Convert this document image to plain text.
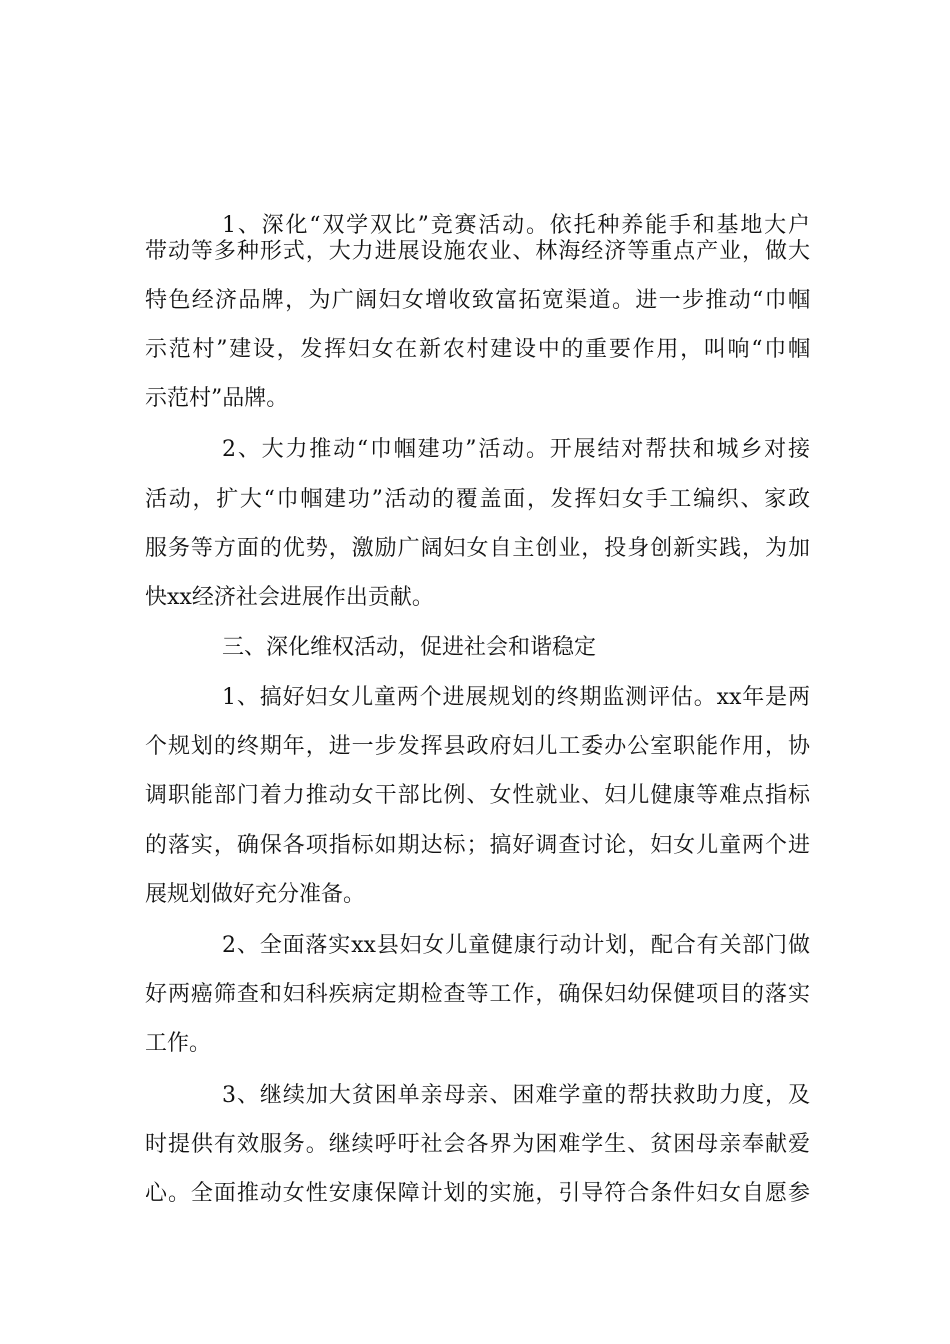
1、深化“双学双比”竞赛活动。依托种养能手和基地大户
带动等多种形式，大力进展设施农业、林海经济等重点产业，做大
特色经济品牌，为广阔妇女增收致富拓宽渠道。进一步推动“巾帼
示范村”建设，发挥妇女在新农村建设中的重要作用，叫响“巾帼
示范村”品牌。
2、大力推动“巾帼建功”活动。开展结对帮扶和城乡对接
活动，扩大“巾帼建功”活动的覆盖面，发挥妇女手工编织、家政
服务等方面的优势，激励广阔妇女自主创业，投身创新实践，为加
快xx经济社会进展作出贡献。
三、深化维权活动，促进社会和谐稳定
1、搞好妇女儿童两个进展规划的终期监测评估。xx年是两
个规划的终期年，进一步发挥县政府妇儿工委办公室职能作用，协
调职能部门着力推动女干部比例、女性就业、妇儿健康等难点指标
的落实，确保各项指标如期达标；搞好调查讨论，妇女儿童两个进
展规划做好充分准备。
2、全面落实xx县妇女儿童健康行动计划，配合有关部门做
好两癌筛查和妇科疾病定期检查等工作，确保妇幼保健项目的落实
工作。
3、继续加大贫困单亲母亲、困难学童的帮扶救助力度，及
时提供有效服务。继续呼吁社会各界为困难学生、贫困母亲奉献爱
心。全面推动女性安康保障计划的实施，引导符合条件妇女自愿参
